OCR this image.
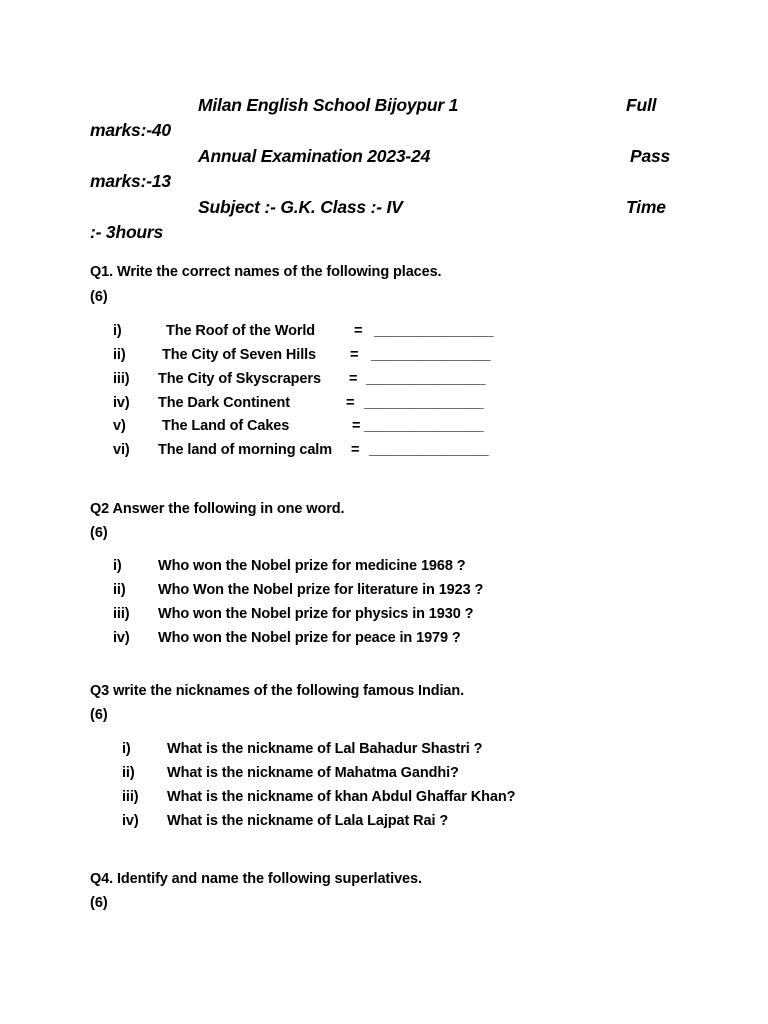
Milan English School Bijoypur 1	Full
marks:-40
Annual Examination 2023-24	Pass
marks:-13
Subject :- G.K. Class :- IV	Time
:- 3hours
Q1. Write the correct names of the following places.
(6)
i)	The Roof of the World	= _______________
ii)	The City of Seven Hills = _______________
iii) The City of Skyscrapers = _______________
iv) The Dark Continent	= _______________
v)	The Land of Cakes	= _______________
vi) The land of morning calm = _______________
Q2 Answer the following in one word.
(6)
i)	Who won the Nobel prize for medicine 1968 ?
ii) Who Won the Nobel prize for literature in 1923 ?
iii) Who won the Nobel prize for physics in 1930 ?
iv) Who won the Nobel prize for peace in 1979 ?
Q3 write the nicknames of the following famous Indian.
(6)
i)	What is the nickname of Lal Bahadur Shastri ?
ii) What is the nickname of Mahatma Gandhi?
iii) What is the nickname of khan Abdul Ghaffar Khan?
iv) What is the nickname of Lala Lajpat Rai ?
Q4. Identify and name the following superlatives.
(6)
